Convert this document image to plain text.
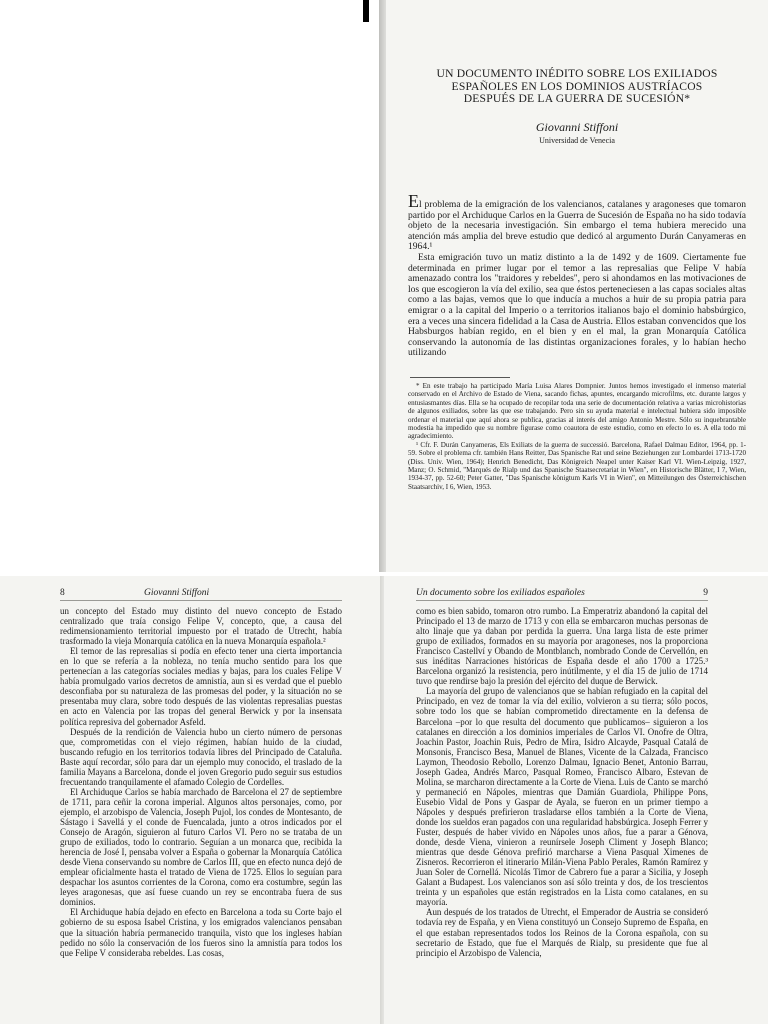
UN DOCUMENTO INÉDITO SOBRE LOS EXILIADOS
ESPAÑOLES EN LOS DOMINIOS AUSTRÍACOS
DESPUÉS DE LA GUERRA DE SUCESIÓN*
Giovanni Stiffoni
Universidad de Venecia

El problema de la emigración de los valencianos, catalanes y aragoneses que tomaron partido por el Archiduque Carlos en la Guerra de Sucesión de España no ha sido todavía objeto de la necesaria investigación. Sin embargo el tema hubiera merecido una atención más amplia del breve estudio que dedicó al argumento Durán Canyameras en 1964.¹

Esta emigración tuvo un matiz distinto a la de 1492 y de 1609. Ciertamente fue determinada en primer lugar por el temor a las represalias que Felipe V había amenazado contra los "traidores y rebeldes", pero si ahondamos en las motivaciones de los que escogieron la vía del exilio, sea que éstos perteneciesen a las capas sociales altas como a las bajas, vemos que lo que inducía a muchos a huir de su propia patria para emigrar o a la capital del Imperio o a territorios italianos bajo el dominio habsbúrgico, era a veces una sincera fidelidad a la Casa de Austria. Ellos estaban convencidos que los Habsburgos habían regido, en el bien y en el mal, la gran Monarquía Católica conservando la autonomía de las distintas organizaciones forales, y lo habían hecho utilizando

* En este trabajo ha participado María Luisa Alares Dompnier. Juntos hemos investigado el inmenso material conservado en el Archivo de Estado de Viena, sacando fichas, apuntes, encargando microfilms, etc. durante largos y entusiasmantes días. Ella se ha ocupado de recopilar toda una serie de documentación relativa a varias microhistorias de algunos exiliados, sobre las que ese trabajando. Pero sin su ayuda material e intelectual hubiera sido imposible ordenar el material que aquí ahora se publica, gracias al interés del amigo Antonio Mestre. Sólo su inquebrantable modestia ha impedido que su nombre figurase como coautora de este estudio, como en efecto lo es. A ella todo mi agradecimiento.

¹ Cfr. F. Durán Canyameras, Els Exiliats de la guerra de successió. Barcelona, Rafael Dalmau Editor, 1964, pp. 1-59. Sobre el problema cfr. también Hans Reitter, Das Spanische Rat und seine Beziehungen zur Lombardei 1713-1720 (Diss. Univ. Wien, 1964); Henrich Benedicht, Das Königreich Neapel unter Kaiser Karl VI. Wien-Leipzig, 1927, Manz; O. Schmid, "Marqués de Rialp und das Spanische Staatsecretariat in Wien", en Historische Blätter, I 7, Wien, 1934-37, pp. 52-60; Peter Gatter, "Das Spanische königtum Karls VI in Wien", en Mitteilungen des Österreichischen Staatsarchiv, I 6, Wien, 1953.

8	Giovanni Stiffoni

un concepto del Estado muy distinto del nuevo concepto de Estado centralizado que traía consigo Felipe V, concepto, que, a causa del redimensionamiento territorial impuesto por el tratado de Utrecht, había trasformado la vieja Monarquía católica en la nueva Monarquía española.²

El temor de las represalias si podía en efecto tener una cierta importancia en lo que se refería a la nobleza, no tenía mucho sentido para los que pertenecían a las categorías sociales medias y bajas, para los cuales Felipe V había promulgado varios decretos de amnistía, aun si es verdad que el pueblo desconfiaba por su naturaleza de las promesas del poder, y la situación no se presentaba muy clara, sobre todo después de las violentas represalias puestas en acto en Valencia por las tropas del general Berwick y por la insensata política represiva del gobernador Asfeld.

Después de la rendición de Valencia hubo un cierto número de personas que, comprometidas con el viejo régimen, habían huido de la ciudad, buscando refugio en los territorios todavía libres del Principado de Cataluña. Baste aquí recordar, sólo para dar un ejemplo muy conocido, el traslado de la familia Mayans a Barcelona, donde el joven Gregorio pudo seguir sus estudios frecuentando tranquilamente el afamado Colegio de Cordelles.

El Archiduque Carlos se había marchado de Barcelona el 27 de septiembre de 1711, para ceñir la corona imperial. Algunos altos personajes, como, por ejemplo, el arzobispo de Valencia, Joseph Pujol, los condes de Montesanto, de Sástago i Savellá y el conde de Fuencalada, junto a otros indicados por el Consejo de Aragón, siguieron al futuro Carlos VI. Pero no se trataba de un grupo de exiliados, todo lo contrario. Seguían a un monarca que, recibida la herencia de José I, pensaba volver a España o gobernar la Monarquía Católica desde Viena conservando su nombre de Carlos III, que en efecto nunca dejó de emplear oficialmente hasta el tratado de Viena de 1725. Ellos lo seguían para despachar los asuntos corrientes de la Corona, como era costumbre, según las leyes aragonesas, que así fuese cuando un rey se encontraba fuera de sus dominios.

El Archiduque había dejado en efecto en Barcelona a toda su Corte bajo el gobierno de su esposa Isabel Cristina, y los emigrados valencianos pensaban que la situación habría permanecido tranquila, visto que los ingleses habían pedido no sólo la conservación de los fueros sino la amnistía para todos los que Felipe V consideraba rebeldes. Las cosas,

Un documento sobre los exiliados españoles	9

como es bien sabido, tomaron otro rumbo. La Emperatriz abandonó la capital del Principado el 13 de marzo de 1713 y con ella se embarcaron muchas personas de alto linaje que ya daban por perdida la guerra. Una larga lista de este primer grupo de exiliados, formados en su mayoría por aragoneses, nos la proporciona Francisco Castellví y Obando de Montblanch, nombrado Conde de Cervellón, en sus inéditas Narraciones históricas de España desde el año 1700 a 1725.³ Barcelona organizó la resistencia, pero inútilmente, y el día 15 de julio de 1714 tuvo que rendirse bajo la presión del ejército del duque de Berwick.

La mayoría del grupo de valencianos que se habían refugiado en la capital del Principado, en vez de tomar la vía del exilio, volvieron a su tierra; sólo pocos, sobre todo los que se habían comprometido directamente en la defensa de Barcelona –por lo que resulta del documento que publicamos– siguieron a los catalanes en dirección a los dominios imperiales de Carlos VI. Onofre de Oltra, Joachin Pastor, Joachin Ruis, Pedro de Mira, Isidro Alcayde, Pasqual Catalá de Monsonis, Francisco Besa, Manuel de Blanes, Vicente de la Calzada, Francisco Laymon, Theodosio Rebollo, Lorenzo Dalmau, Ignacio Benet, Antonio Barrau, Joseph Gadea, Andrés Marco, Pasqual Romeo, Francisco Albaro, Estevan de Molina, se marcharon directamente a la Corte de Viena. Luis de Canto se marchó y permaneció en Nápoles, mientras que Damián Guardiola, Philippe Pons, Eusebio Vidal de Pons y Gaspar de Ayala, se fueron en un primer tiempo a Nápoles y después prefirieron trasladarse ellos también a la Corte de Viena, donde los sueldos eran pagados con una regularidad habsbúrgica. Joseph Ferrer y Fuster, después de haber vivido en Nápoles unos años, fue a parar a Génova, donde, desde Viena, vinieron a reunírsele Joseph Climent y Joseph Blanco; mientras que desde Génova prefirió marcharse a Viena Pasqual Ximenes de Zisneros. Recorrieron el itinerario Milán-Viena Pablo Perales, Ramón Ramírez y Juan Soler de Cornellá. Nicolás Timor de Cabrero fue a parar a Sicilia, y Joseph Galant a Budapest. Los valencianos son así sólo treinta y dos, de los trescientos treinta y un españoles que están registrados en la Lista como catalanes, en su mayoría.

Aun después de los tratados de Utrecht, el Emperador de Austria se consideró todavía rey de España, y en Viena constituyó un Consejo Supremo de España, en el que estaban representados todos los Reinos de la Corona española, con su secretario de Estado, que fue el Marqués de Rialp, su presidente que fue al principio el Arzobispo de Valencia,
